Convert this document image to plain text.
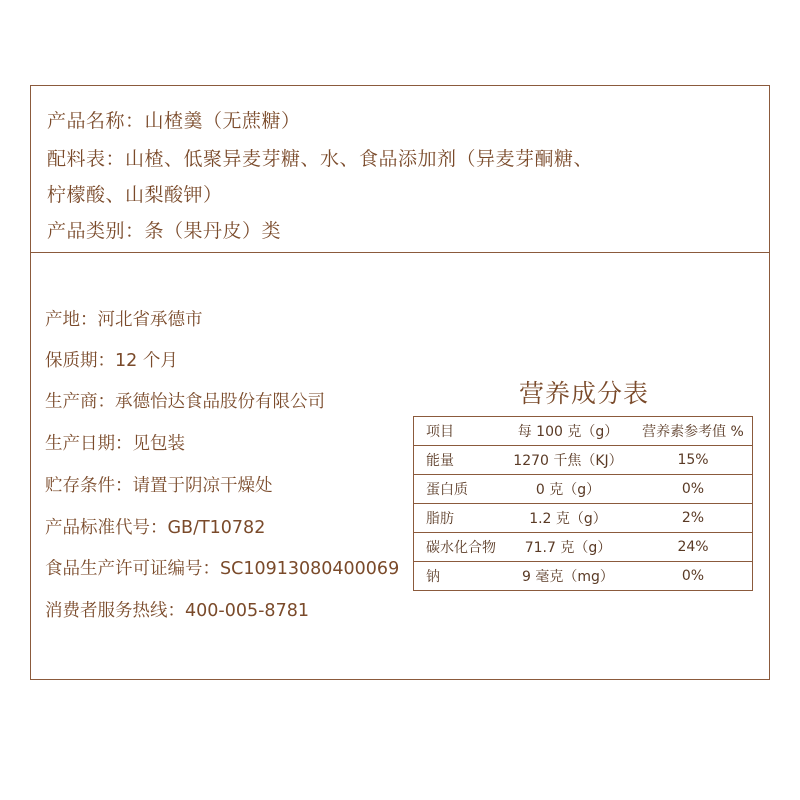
产品名称：山楂羹（无蔗糖）
配料表：山楂、低聚异麦芽糖、水、食品添加剂（异麦芽酮糖、
柠檬酸、山梨酸钾）
产品类别：条（果丹皮）类
产地：河北省承德市
保质期：12 个月
生产商：承德怡达食品股份有限公司
生产日期：见包装
贮存条件：请置于阴凉干燥处
产品标准代号：GB/T10782
食品生产许可证编号：SC10913080400069
消费者服务热线：400-005-8781
营养成分表
项目	每 100 克（g）	营养素参考值 %
能量	1270 千焦（KJ）	15%
蛋白质	0 克（g）	0%
脂肪	1.2 克（g）	2%
碳水化合物	71.7 克（g）	24%
钠	9 毫克（mg）	0%
